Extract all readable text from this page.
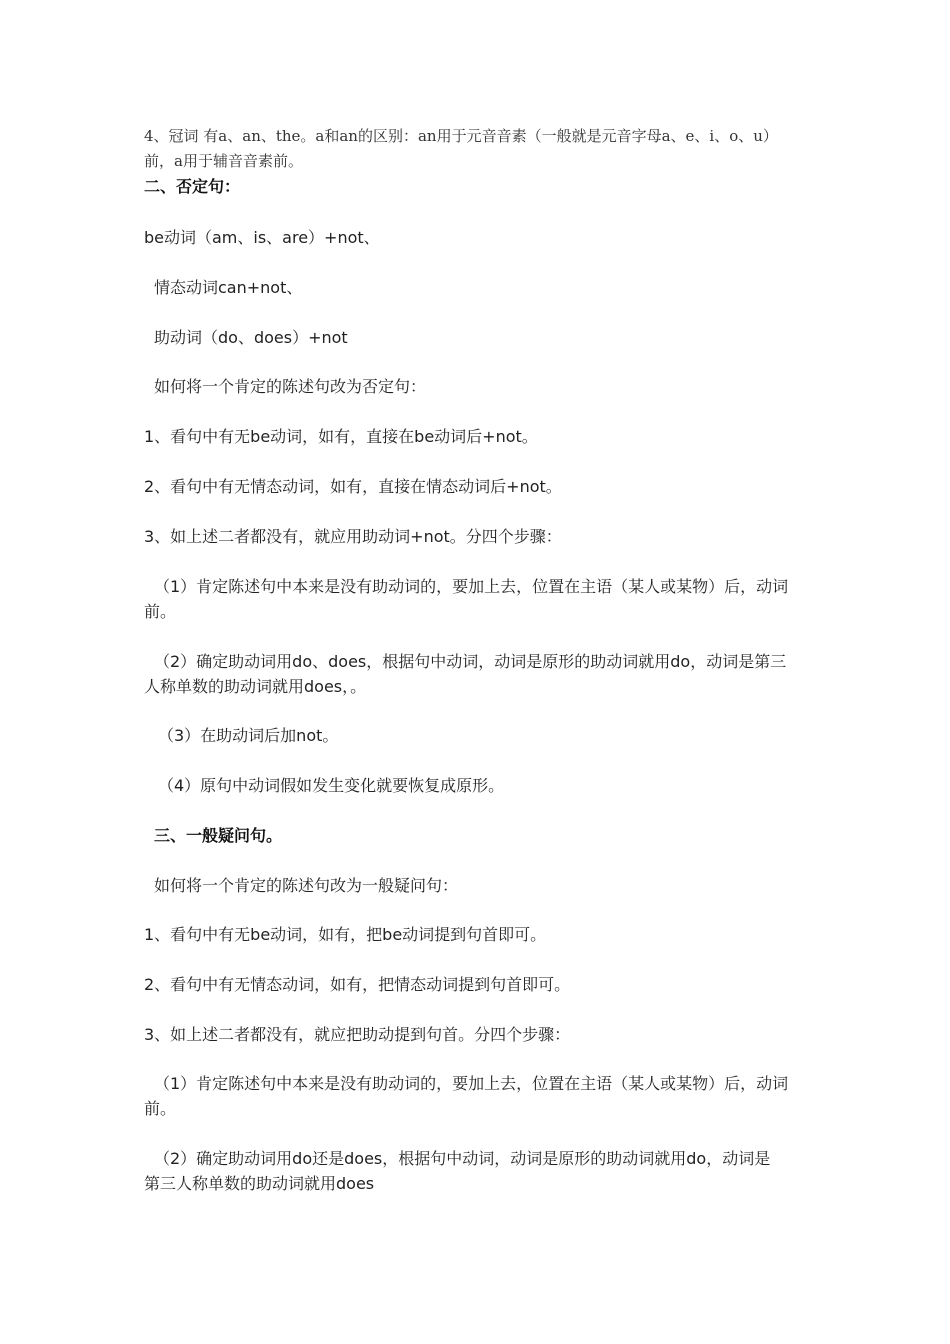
4、冠词 有a、an、the。a和an的区别：an用于元音音素（一般就是元音字母a、e、i、o、u）
前，a用于辅音音素前。
二、否定句：
be动词（am、is、are）+not、
情态动词can+not、
助动词（do、does）+not
如何将一个肯定的陈述句改为否定句：
1、看句中有无be动词，如有，直接在be动词后+not。
2、看句中有无情态动词，如有，直接在情态动词后+not。
3、如上述二者都没有，就应用助动词+not。分四个步骤：
（1）肯定陈述句中本来是没有助动词的，要加上去，位置在主语（某人或某物）后，动词
前。
（2）确定助动词用do、does，根据句中动词，动词是原形的助动词就用do，动词是第三
人称单数的助动词就用does，。
（3）在助动词后加not。
（4）原句中动词假如发生变化就要恢复成原形。
三、一般疑问句。
如何将一个肯定的陈述句改为一般疑问句：
1、看句中有无be动词，如有，把be动词提到句首即可。
2、看句中有无情态动词，如有，把情态动词提到句首即可。
3、如上述二者都没有，就应把助动提到句首。分四个步骤：
（1）肯定陈述句中本来是没有助动词的，要加上去，位置在主语（某人或某物）后，动词
前。
（2）确定助动词用do还是does，根据句中动词，动词是原形的助动词就用do，动词是
第三人称单数的助动词就用does
